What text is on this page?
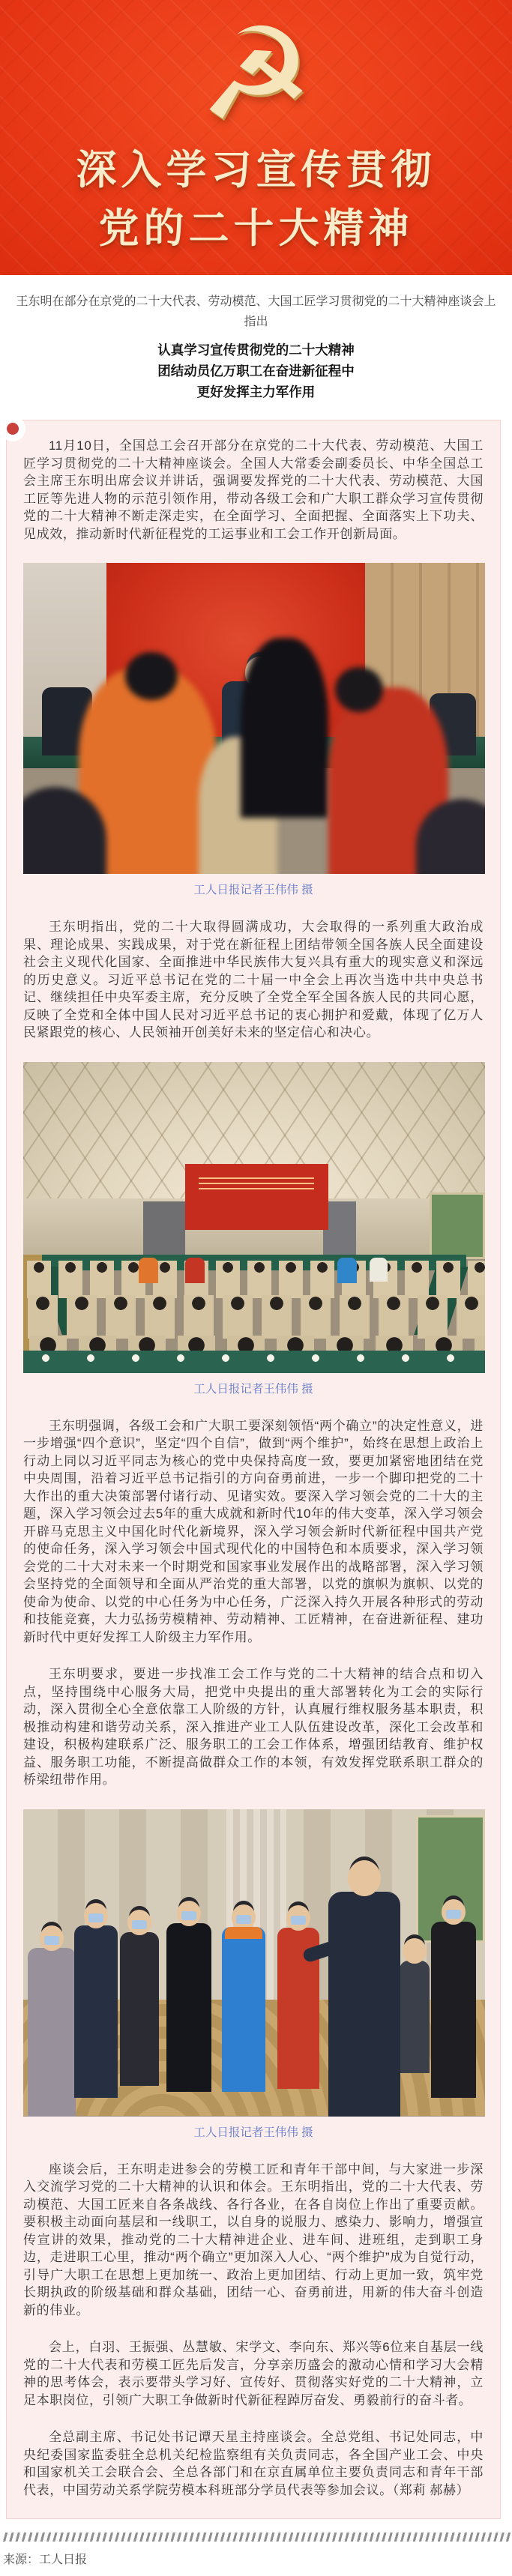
☭
深入学习宣传贯彻
党的二十大精神
王东明在部分在京党的二十大代表、劳动模范、大国工匠学习贯彻党的二十大精神座谈会上指出
认真学习宣传贯彻党的二十大精神
团结动员亿万职工在奋进新征程中
更好发挥主力军作用

11月10日，全国总工会召开部分在京党的二十大代表、劳动模范、大国工匠学习贯彻党的二十大精神座谈会。全国人大常委会副委员长、中华全国总工会主席王东明出席会议并讲话，强调要发挥党的二十大代表、劳动模范、大国工匠等先进人物的示范引领作用，带动各级工会和广大职工群众学习宣传贯彻党的二十大精神不断走深走实，在全面学习、全面把握、全面落实上下功夫、见成效，推动新时代新征程党的工运事业和工会工作开创新局面。

工人日报记者王伟伟 摄

王东明指出，党的二十大取得圆满成功，大会取得的一系列重大政治成果、理论成果、实践成果，对于党在新征程上团结带领全国各族人民全面建设社会主义现代化国家、全面推进中华民族伟大复兴具有重大的现实意义和深远的历史意义。习近平总书记在党的二十届一中全会上再次当选中共中央总书记、继续担任中央军委主席，充分反映了全党全军全国各族人民的共同心愿，反映了全党和全体中国人民对习近平总书记的衷心拥护和爱戴，体现了亿万人民紧跟党的核心、人民领袖开创美好未来的坚定信心和决心。

工人日报记者王伟伟 摄

王东明强调，各级工会和广大职工要深刻领悟“两个确立”的决定性意义，进一步增强“四个意识”，坚定“四个自信”，做到“两个维护”，始终在思想上政治上行动上同以习近平同志为核心的党中央保持高度一致，要更加紧密地团结在党中央周围，沿着习近平总书记指引的方向奋勇前进，一步一个脚印把党的二十大作出的重大决策部署付诸行动、见诸实效。要深入学习领会党的二十大的主题，深入学习领会过去5年的重大成就和新时代10年的伟大变革，深入学习领会开辟马克思主义中国化时代化新境界，深入学习领会新时代新征程中国共产党的使命任务，深入学习领会中国式现代化的中国特色和本质要求，深入学习领会党的二十大对未来一个时期党和国家事业发展作出的战略部署，深入学习领会坚持党的全面领导和全面从严治党的重大部署，以党的旗帜为旗帜、以党的使命为使命、以党的中心任务为中心任务，广泛深入持久开展各种形式的劳动和技能竞赛，大力弘扬劳模精神、劳动精神、工匠精神，在奋进新征程、建功新时代中更好发挥工人阶级主力军作用。

王东明要求，要进一步找准工会工作与党的二十大精神的结合点和切入点，坚持围绕中心服务大局，把党中央提出的重大部署转化为工会的实际行动，深入贯彻全心全意依靠工人阶级的方针，认真履行维权服务基本职责，积极推动构建和谐劳动关系，深入推进产业工人队伍建设改革，深化工会改革和建设，积极构建联系广泛、服务职工的工会工作体系，增强团结教育、维护权益、服务职工功能，不断提高做群众工作的本领，有效发挥党联系职工群众的桥梁纽带作用。

工人日报记者王伟伟 摄

座谈会后，王东明走进参会的劳模工匠和青年干部中间，与大家进一步深入交流学习党的二十大精神的认识和体会。王东明指出，党的二十大代表、劳动模范、大国工匠来自各条战线、各行各业，在各自岗位上作出了重要贡献。要积极主动面向基层和一线职工，以自身的说服力、感染力、影响力，增强宣传宣讲的效果，推动党的二十大精神进企业、进车间、进班组，走到职工身边，走进职工心里，推动“两个确立”更加深入人心、“两个维护”成为自觉行动，引导广大职工在思想上更加统一、政治上更加团结、行动上更加一致，筑牢党长期执政的阶级基础和群众基础，团结一心、奋勇前进，用新的伟大奋斗创造新的伟业。

会上，白羽、王振强、丛慧敏、宋学文、李向东、郑兴等6位来自基层一线党的二十大代表和劳模工匠先后发言，分享亲历盛会的激动心情和学习大会精神的思考体会，表示要带头学习好、宣传好、贯彻落实好党的二十大精神，立足本职岗位，引领广大职工争做新时代新征程踔厉奋发、勇毅前行的奋斗者。

全总副主席、书记处书记谭天星主持座谈会。全总党组、书记处同志，中央纪委国家监委驻全总机关纪检监察组有关负责同志，各全国产业工会、中央和国家机关工会联合会、全总各部门和在京直属单位主要负责同志和青年干部代表，中国劳动关系学院劳模本科班部分学员代表等参加会议。（郑莉 郝赫）

来源：工人日报
